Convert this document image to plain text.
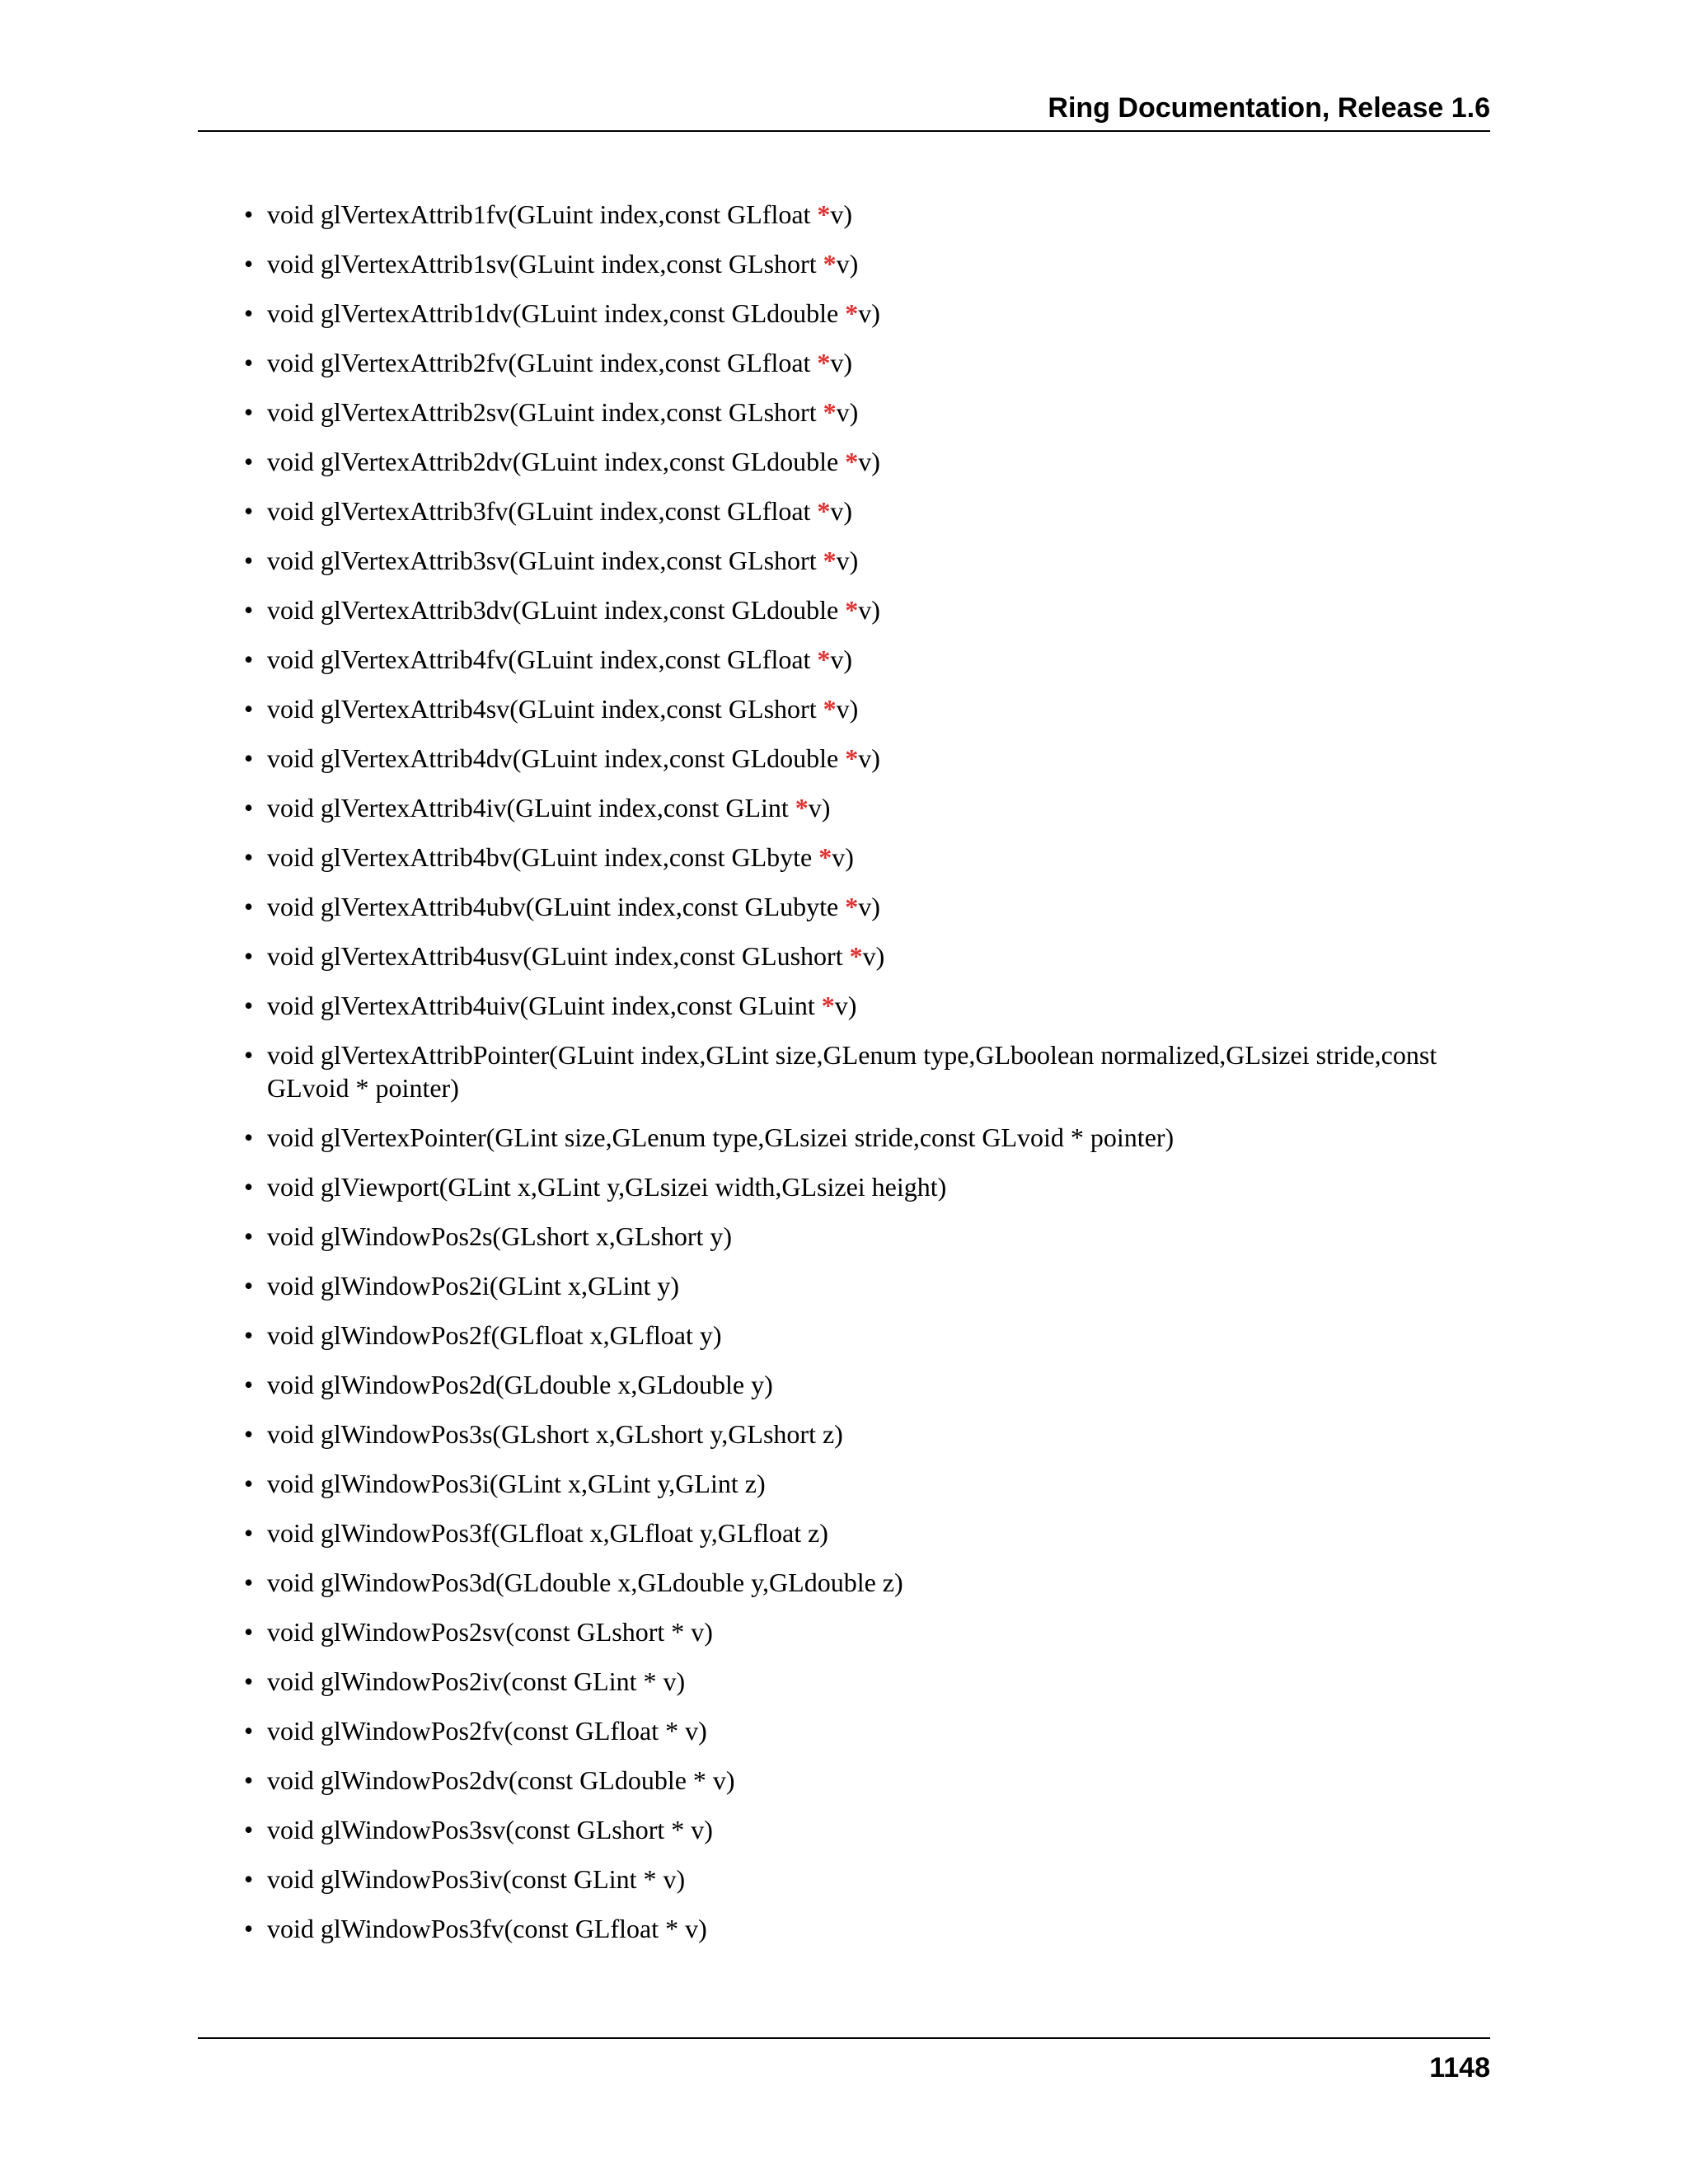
Ring Documentation, Release 1.6
• void glVertexAttrib1fv(GLuint index,const GLfloat *v)
• void glVertexAttrib1sv(GLuint index,const GLshort *v)
• void glVertexAttrib1dv(GLuint index,const GLdouble *v)
• void glVertexAttrib2fv(GLuint index,const GLfloat *v)
• void glVertexAttrib2sv(GLuint index,const GLshort *v)
• void glVertexAttrib2dv(GLuint index,const GLdouble *v)
• void glVertexAttrib3fv(GLuint index,const GLfloat *v)
• void glVertexAttrib3sv(GLuint index,const GLshort *v)
• void glVertexAttrib3dv(GLuint index,const GLdouble *v)
• void glVertexAttrib4fv(GLuint index,const GLfloat *v)
• void glVertexAttrib4sv(GLuint index,const GLshort *v)
• void glVertexAttrib4dv(GLuint index,const GLdouble *v)
• void glVertexAttrib4iv(GLuint index,const GLint *v)
• void glVertexAttrib4bv(GLuint index,const GLbyte *v)
• void glVertexAttrib4ubv(GLuint index,const GLubyte *v)
• void glVertexAttrib4usv(GLuint index,const GLushort *v)
• void glVertexAttrib4uiv(GLuint index,const GLuint *v)
• void glVertexAttribPointer(GLuint index,GLint size,GLenum type,GLboolean normalized,GLsizei stride,const GLvoid * pointer)
• void glVertexPointer(GLint size,GLenum type,GLsizei stride,const GLvoid * pointer)
• void glViewport(GLint x,GLint y,GLsizei width,GLsizei height)
• void glWindowPos2s(GLshort x,GLshort y)
• void glWindowPos2i(GLint x,GLint y)
• void glWindowPos2f(GLfloat x,GLfloat y)
• void glWindowPos2d(GLdouble x,GLdouble y)
• void glWindowPos3s(GLshort x,GLshort y,GLshort z)
• void glWindowPos3i(GLint x,GLint y,GLint z)
• void glWindowPos3f(GLfloat x,GLfloat y,GLfloat z)
• void glWindowPos3d(GLdouble x,GLdouble y,GLdouble z)
• void glWindowPos2sv(const GLshort * v)
• void glWindowPos2iv(const GLint * v)
• void glWindowPos2fv(const GLfloat * v)
• void glWindowPos2dv(const GLdouble * v)
• void glWindowPos3sv(const GLshort * v)
• void glWindowPos3iv(const GLint * v)
• void glWindowPos3fv(const GLfloat * v)
1148
